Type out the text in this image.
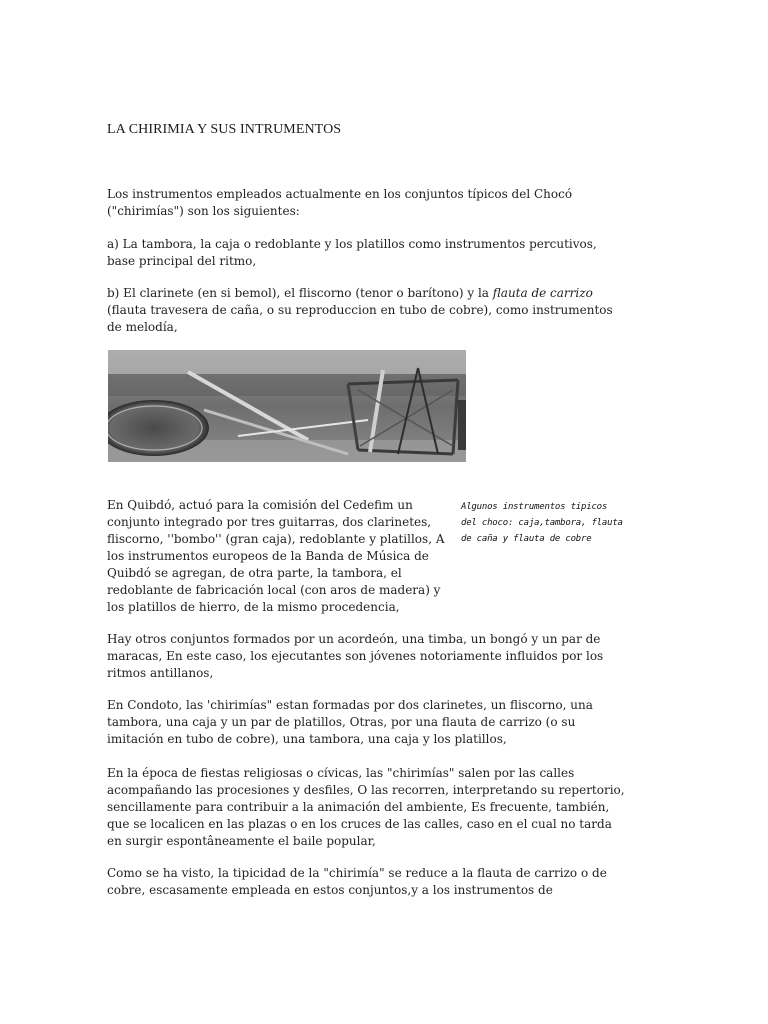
LA CHIRIMIA Y SUS INTRUMENTOS

Los instrumentos empleados actualmente en los conjuntos típicos del Chocó ("chirimías") son los siguientes:

a) La tambora, la caja o redoblante y los platillos como instrumentos percutivos, base principal del ritmo,

b) El clarinete (en si bemol), el fliscorno (tenor o barítono) y la flauta de carrizo (flauta travesera de caña, o su reproduccion en tubo de cobre), como instrumentos de melodía,

En Quibdó, actuó para la comisión del Cedefim un conjunto integrado por tres guitarras, dos clarinetes, fliscorno, ''bombo'' (gran caja), redoblante y platillos, A los instrumentos europeos de la Banda de Música de Quibdó se agregan, de otra parte, la tambora, el redoblante de fabricación local (con aros de madera) y los platillos de hierro, de la mismo procedencia,

Algunos instrumentos tipicos del choco: caja,tambora, flauta de caña y flauta de cobre

Hay otros conjuntos formados por un acordeón, una timba, un bongó y un par de maracas, En este caso, los ejecutantes son jóvenes notoriamente influidos por los ritmos antillanos,

En Condoto, las 'chirimías" estan formadas por dos clarinetes, un fliscorno, una tambora, una caja y un par de platillos, Otras, por una flauta de carrizo (o su imitación en tubo de cobre), una tambora, una caja y los platillos,

En la época de fiestas religiosas o cívicas, las "chirimías" salen por las calles acompañando las procesiones y desfiles, O las recorren, interpretando su repertorio, sencillamente para contribuir a la animación del ambiente, Es frecuente, también, que se localicen en las plazas o en los cruces de las calles, caso en el cual no tarda en surgir espontâneamente el baile popular,

Como se ha visto, la tipicidad de la "chirimía" se reduce a la flauta de carrizo o de cobre, escasamente empleada en estos conjuntos,y a los instrumentos de
